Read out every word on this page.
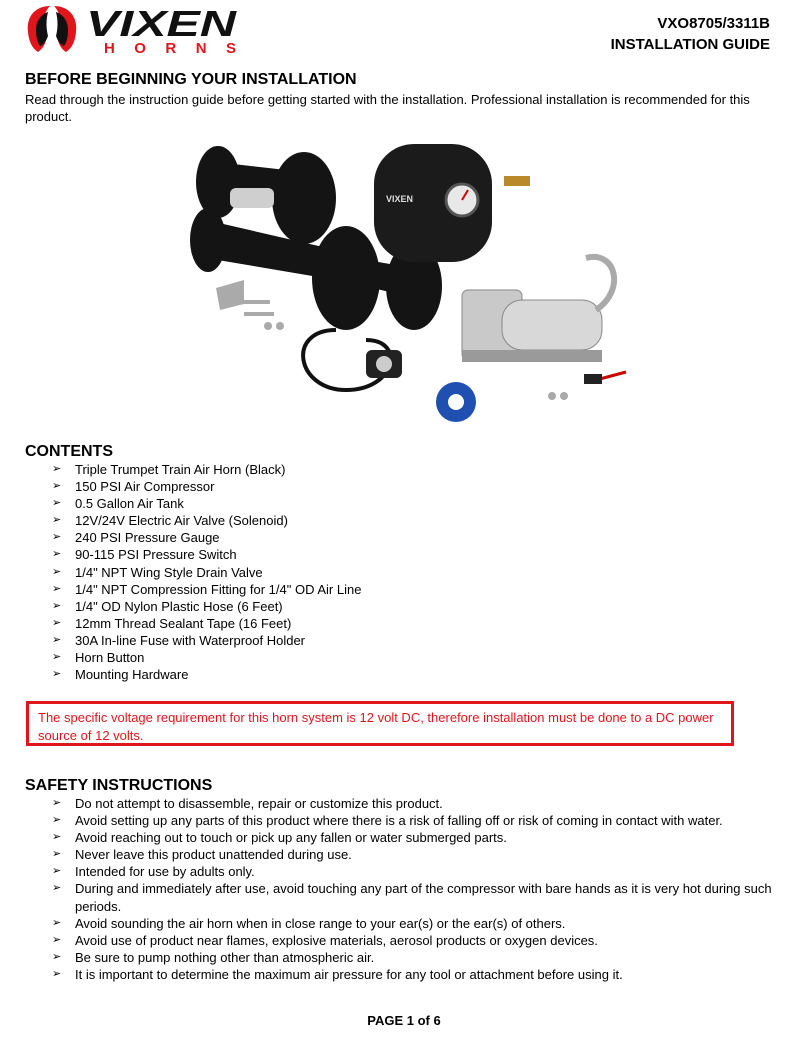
VIXEN
HORNS
VXO8705/3311B
INSTALLATION GUIDE
BEFORE BEGINNING YOUR INSTALLATION
Read through the instruction guide before getting started with the installation. Professional installation is recommended for this product.
VIXEN
CONTENTS
➢ Triple Trumpet Train Air Horn (Black)
➢ 150 PSI Air Compressor
➢ 0.5 Gallon Air Tank
➢ 12V/24V Electric Air Valve (Solenoid)
➢ 240 PSI Pressure Gauge
➢ 90-115 PSI Pressure Switch
➢ 1/4" NPT Wing Style Drain Valve
➢ 1/4" NPT Compression Fitting for 1/4" OD Air Line
➢ 1/4" OD Nylon Plastic Hose (6 Feet)
➢ 12mm Thread Sealant Tape (16 Feet)
➢ 30A In-line Fuse with Waterproof Holder
➢ Horn Button
➢ Mounting Hardware
The specific voltage requirement for this horn system is 12 volt DC, therefore installation must be done to a DC power source of 12 volts.
SAFETY INSTRUCTIONS
➢ Do not attempt to disassemble, repair or customize this product.
➢ Avoid setting up any parts of this product where there is a risk of falling off or risk of coming in contact with water.
➢ Avoid reaching out to touch or pick up any fallen or water submerged parts.
➢ Never leave this product unattended during use.
➢ Intended for use by adults only.
➢ During and immediately after use, avoid touching any part of the compressor with bare hands as it is very hot during such periods.
➢ Avoid sounding the air horn when in close range to your ear(s) or the ear(s) of others.
➢ Avoid use of product near flames, explosive materials, aerosol products or oxygen devices.
➢ Be sure to pump nothing other than atmospheric air.
➢ It is important to determine the maximum air pressure for any tool or attachment before using it.
PAGE 1 of 6
